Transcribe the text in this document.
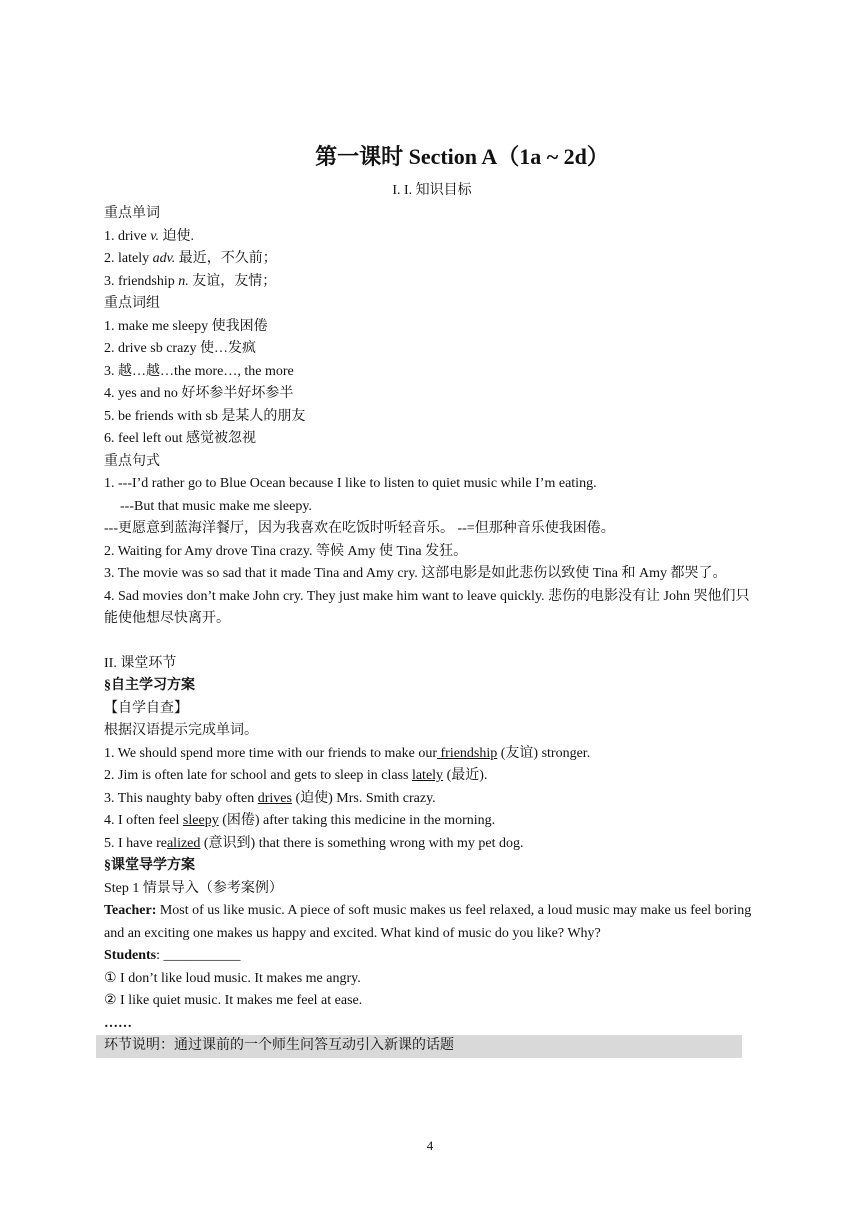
第一课时 Section A（1a ~ 2d）
I. I. 知识目标
重点单词
1. drive v. 迫使.
2. lately adv. 最近，不久前；
3. friendship n. 友谊，友情；
重点词组
1. make me sleepy 使我困倦
2. drive sb crazy 使…发疯
3. 越…越…the more…, the more
4. yes and no 好坏参半好坏参半
5. be friends with sb 是某人的朋友
6. feel left out 感觉被忽视
重点句式
1. ---I’d rather go to Blue Ocean because I like to listen to quiet music while I’m eating.
---But that music make me sleepy.
---更愿意到蓝海洋餐厅，因为我喜欢在吃饭时听轻音乐。 --=但那种音乐使我困倦。
2. Waiting for Amy drove Tina crazy. 等候 Amy 使 Tina 发狂。
3. The movie was so sad that it made Tina and Amy cry. 这部电影是如此悲伤以致使 Tina 和 Amy 都哭了。
4. Sad movies don’t make John cry. They just make him want to leave quickly. 悲伤的电影没有让 John 哭他们只能使他想尽快离开。
II. 课堂环节
§自主学习方案
【自学自查】
根据汉语提示完成单词。
1. We should spend more time with our friends to make our friendship (友谊) stronger.
2. Jim is often late for school and gets to sleep in class lately (最近).
3. This naughty baby often drives (迫使) Mrs. Smith crazy.
4. I often feel sleepy (困倦) after taking this medicine in the morning.
5. I have realized (意识到) that there is something wrong with my pet dog.
§课堂导学方案
Step 1 情景导入（参考案例）
Teacher: Most of us like music. A piece of soft music makes us feel relaxed, a loud music may make us feel boring and an exciting one makes us happy and excited. What kind of music do you like? Why?
Students: ___________
① I don’t like loud music. It makes me angry.
② I like quiet music. It makes me feel at ease.
……
环节说明：通过课前的一个师生问答互动引入新课的话题
4
